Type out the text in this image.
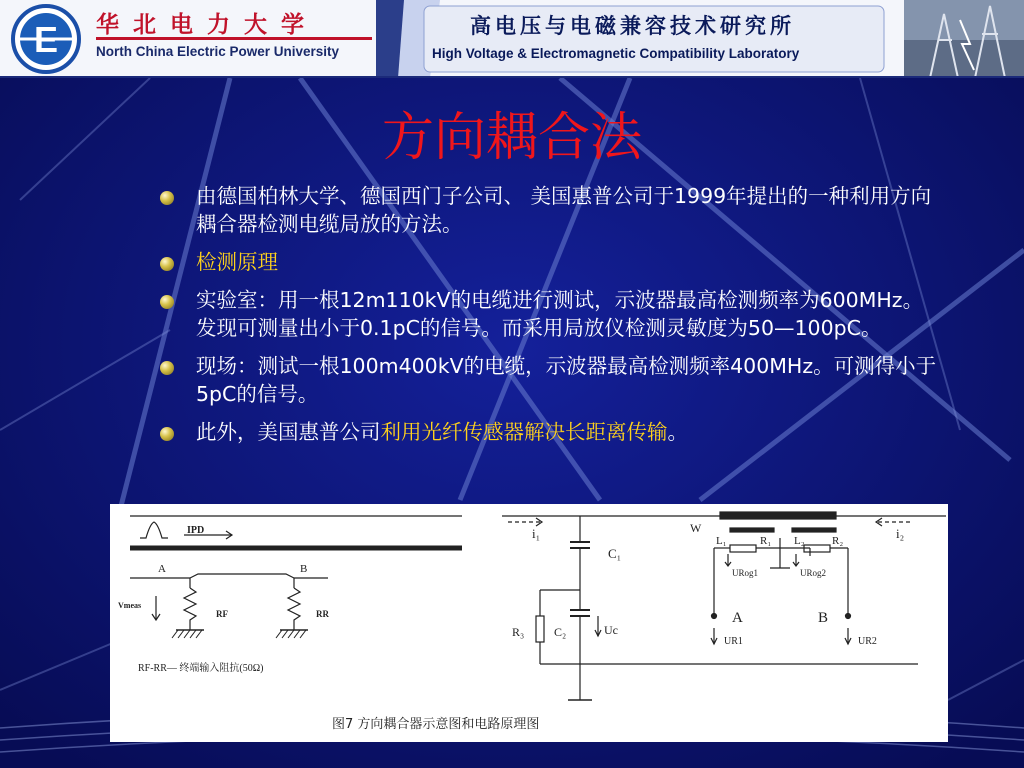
E 华北电力大学
North China Electric Power University
高电压与电磁兼容技术研究所
High Voltage & Electromagnetic Compatibility Laboratory
方向耦合法
由德国柏林大学、德国西门子公司、 美国惠普公司于1999年提出的一种利用方向耦合器检测电缆局放的方法。
检测原理
实验室：用一根12m110kV的电缆进行测试，示波器最高检测频率为600MHz。发现可测量出小于0.1pC的信号。而采用局放仪检测灵敏度为50—100pC。
现场：测试一根100m400kV的电缆，示波器最高检测频率400MHz。可测得小于5pC的信号。
此外，美国惠普公司利用光纤传感器解决长距离传输。
IPD
A	B
Vmeas
RF	RR
RF-RR— 终端输入阻抗(50Ω)
i₁	i₂
W
C₁
C₂	Uc
R₃
L₁	R₁ L₂ R₂
URog1	URog2
A	B
UR1	UR2
图7 方向耦合器示意图和电路原理图
